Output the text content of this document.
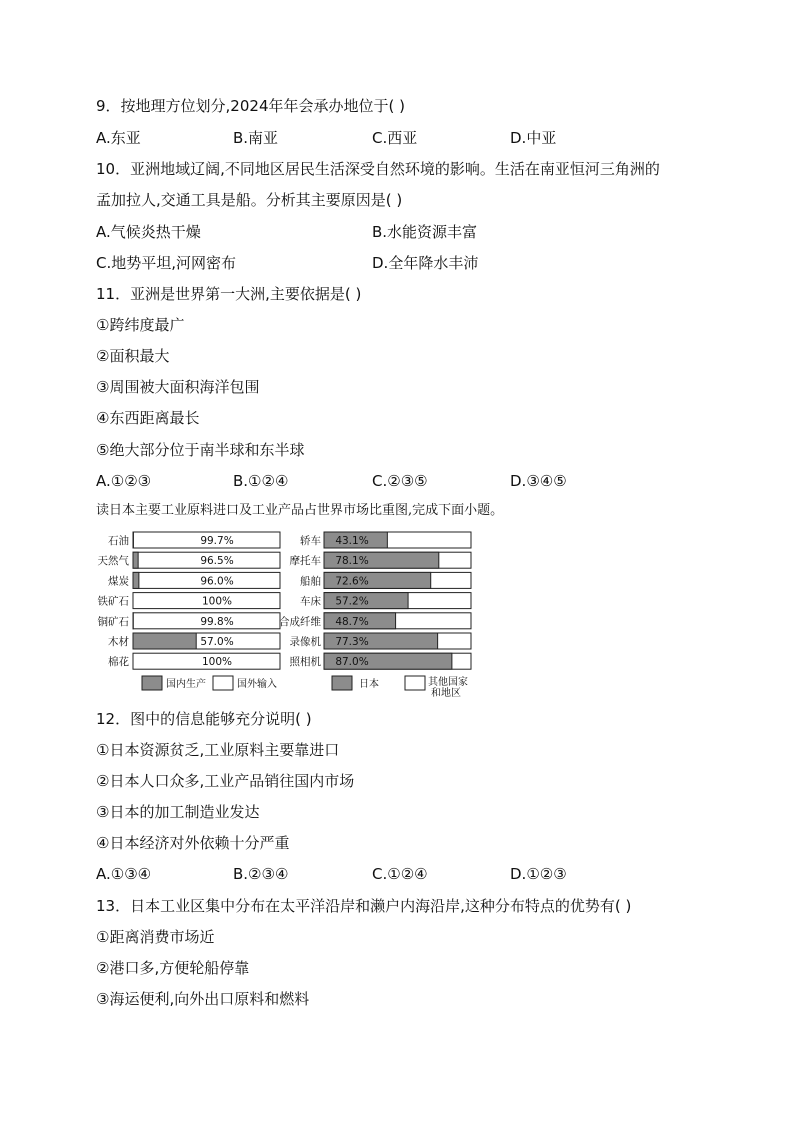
9．按地理方位划分,2024年年会承办地位于( )
A.东亚	B.南亚	C.西亚	D.中亚
10．亚洲地域辽阔,不同地区居民生活深受自然环境的影响。生活在南亚恒河三角洲的
孟加拉人,交通工具是船。分析其主要原因是( )
A.气候炎热干燥	B.水能资源丰富
C.地势平坦,河网密布	D.全年降水丰沛
11．亚洲是世界第一大洲,主要依据是( )
①跨纬度最广
②面积最大
③周围被大面积海洋包围
④东西距离最长
⑤绝大部分位于南半球和东半球
A.①②③	B.①②④	C.②③⑤	D.③④⑤
读日本主要工业原料进口及工业产品占世界市场比重图,完成下面小题。
石油	99.7%
天然气	96.5%
煤炭	96.0%
铁矿石	100%
铜矿石	99.8%
木材	57.0%
棉花	100%
轿车 43.1%
摩托车 78.1%
船舶 72.6%
车床 57.2%
合成纤维 48.7%
录像机 77.3%
照相机 87.0%
国内生产	国外输入	日本	其他国家
和地区
12．图中的信息能够充分说明( )
①日本资源贫乏,工业原料主要靠进口
②日本人口众多,工业产品销往国内市场
③日本的加工制造业发达
④日本经济对外依赖十分严重
A.①③④	B.②③④	C.①②④	D.①②③
13．日本工业区集中分布在太平洋沿岸和濑户内海沿岸,这种分布特点的优势有( )
①距离消费市场近
②港口多,方便轮船停靠
③海运便利,向外出口原料和燃料
